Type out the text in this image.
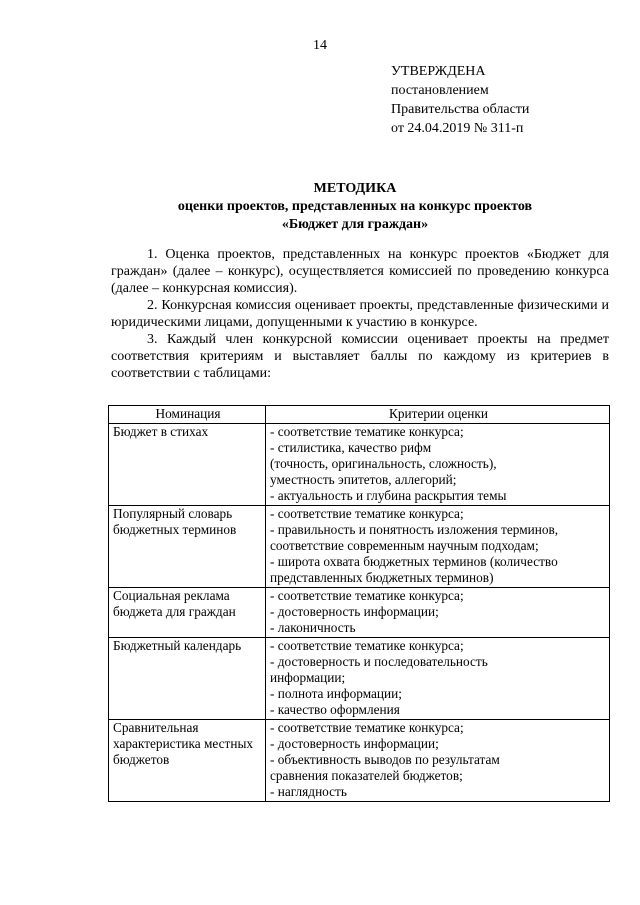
14
УТВЕРЖДЕНА
постановлением
Правительства области
от 24.04.2019 № 311-п
МЕТОДИКА
оценки проектов, представленных на конкурс проектов
«Бюджет для граждан»

1. Оценка проектов, представленных на конкурс проектов «Бюджет для граждан» (далее – конкурс), осуществляется комиссией по проведению конкурса (далее – конкурсная комиссия).

2. Конкурсная комиссия оценивает проекты, представленные физическими и юридическими лицами, допущенными к участию в конкурсе.

3. Каждый член конкурсной комиссии оценивает проекты на предмет соответствия критериям и выставляет баллы по каждому из критериев в соответствии с таблицами:

Номинация	Критерии оценки
Бюджет в стихах	- соответствие тематике конкурса;
- стилистика, качество рифм
(точность, оригинальность, сложность),
уместность эпитетов, аллегорий;
- актуальность и глубина раскрытия темы

Популярный словарь бюджетных терминов	- соответствие тематике конкурса;
- правильность и понятность изложения терминов,
соответствие современным научным подходам;
- широта охвата бюджетных терминов (количество
представленных бюджетных терминов)

Социальная реклама бюджета для граждан	- соответствие тематике конкурса;
- достоверность информации;
- лаконичность

Бюджетный календарь	- соответствие тематике конкурса;
- достоверность и последовательность
информации;
- полнота информации;
- качество оформления

Сравнительная характеристика местных бюджетов	- соответствие тематике конкурса;
- достоверность информации;
- объективность выводов по результатам
сравнения показателей бюджетов;
- наглядность
